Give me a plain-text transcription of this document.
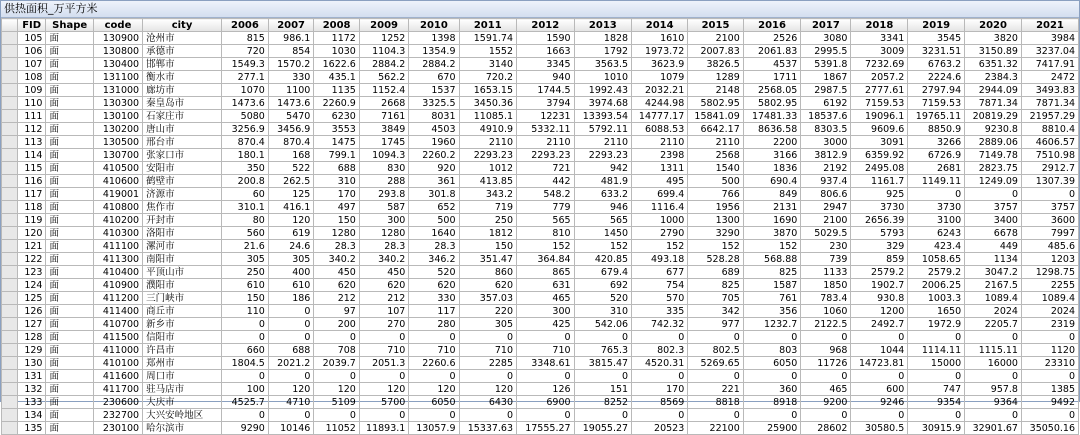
供热面积_万平方米
	FID	Shape	code	city	2006	2007	2008	2009	2010	2011	2012	2013	2014	2015	2016	2017	2018	2019	2020	2021
	105	面	130900	沧州市	815	986.1	1172	1252	1398	1591.74	1590	1828	1610	2100	2526	3080	3341	3545	3820	3984
	106	面	130800	承德市	720	854	1030	1104.3	1354.9	1552	1663	1792	1973.72	2007.83	2061.83	2995.5	3009	3231.51	3150.89	3237.04
	107	面	130400	邯郸市	1549.3	1570.2	1622.6	2884.2	2884.2	3140	3345	3563.5	3623.9	3826.5	4537	5391.8	7232.69	6763.2	6351.32	7417.91
	108	面	131100	衡水市	277.1	330	435.1	562.2	670	720.2	940	1010	1079	1289	1711	1867	2057.2	2224.6	2384.3	2472
	109	面	131000	廊坊市	1070	1100	1135	1152.4	1537	1653.15	1744.5	1992.43	2032.21	2148	2568.05	2987.5	2777.61	2797.94	2944.09	3493.83
	110	面	130300	秦皇岛市	1473.6	1473.6	2260.9	2668	3325.5	3450.36	3794	3974.68	4244.98	5802.95	5802.95	6192	7159.53	7159.53	7871.34	7871.34
	111	面	130100	石家庄市	5080	5470	6230	7161	8031	11085.1	12231	13393.54	14777.17	15841.09	17481.33	18537.6	19096.1	19765.11	20819.29	21957.29
	112	面	130200	唐山市	3256.9	3456.9	3553	3849	4503	4910.9	5332.11	5792.11	6088.53	6642.17	8636.58	8303.5	9609.6	8850.9	9230.8	8810.4
	113	面	130500	邢台市	870.4	870.4	1475	1745	1960	2110	2110	2110	2110	2110	2200	3000	3091	3266	2889.06	4606.57
	114	面	130700	张家口市	180.1	168	799.1	1094.3	2260.2	2293.23	2293.23	2293.23	2398	2568	3166	3812.9	6359.92	6726.9	7149.78	7510.98
	115	面	410500	安阳市	350	522	688	830	920	1012	721	942	1311	1540	1836	2192	2495.08	2681	2823.75	2912.7
	116	面	410600	鹤壁市	200.8	262.5	310	288	361	413.85	442	481.9	495	500	690.4	937.4	1161.7	1149.11	1249.09	1307.39
	117	面	419001	济源市	60	125	170	293.8	301.8	343.2	548.2	633.2	699.4	766	849	806.6	925	0	0	0
	118	面	410800	焦作市	310.1	416.1	497	587	652	719	779	946	1116.4	1956	2131	2947	3730	3730	3757	3757
	119	面	410200	开封市	80	120	150	300	500	250	565	565	1000	1300	1690	2100	2656.39	3100	3400	3600
	120	面	410300	洛阳市	560	619	1280	1280	1640	1812	810	1450	2790	3290	3870	5029.5	5793	6243	6678	7997
	121	面	411100	漯河市	21.6	24.6	28.3	28.3	28.3	150	152	152	152	152	152	230	329	423.4	449	485.6
	122	面	411300	南阳市	305	305	340.2	340.2	346.2	351.47	364.84	420.85	493.18	528.28	568.88	739	859	1058.65	1134	1203
	123	面	410400	平顶山市	250	400	450	450	520	860	865	679.4	677	689	825	1133	2579.2	2579.2	3047.2	1298.75
	124	面	410900	濮阳市	610	610	620	620	620	620	631	692	754	825	1587	1850	1902.7	2006.25	2167.5	2255
	125	面	411200	三门峡市	150	186	212	212	330	357.03	465	520	570	705	761	783.4	930.8	1003.3	1089.4	1089.4
	126	面	411400	商丘市	110	0	97	107	117	220	300	310	335	342	356	1060	1200	1650	2024	2024
	127	面	410700	新乡市	0	0	200	270	280	305	425	542.06	742.32	977	1232.7	2122.5	2492.7	1972.9	2205.7	2319
	128	面	411500	信阳市	0	0	0	0	0	0	0	0	0	0	0	0	0	0	0	0
	129	面	411000	许昌市	660	688	708	710	710	710	710	765.3	802.3	802.5	803	968	1044	1114.11	1115.11	1120
	130	面	410100	郑州市	1804.5	2021.2	2039.7	2051.3	2260.6	2285	3348.61	3815.47	4520.31	5269.65	6050	11726	14723.81	15000	16000	23310
	131	面	411600	周口市	0	0	0	0	0	0	0	0	0	0	0	0	0	0	0	0
	132	面	411700	驻马店市	100	120	120	120	120	120	126	151	170	221	360	465	600	747	957.8	1385
	133	面	230600	大庆市	4525.7	4710	5109	5700	6050	6430	6900	8252	8569	8818	8918	9200	9246	9354	9364	9492
	134	面	232700	大兴安岭地区	0	0	0	0	0	0	0	0	0	0	0	0	0	0	0	0
	135	面	230100	哈尔滨市	9290	10146	11052	11893.1	13057.9	15337.63	17555.27	19055.27	20523	22100	25900	28602	30580.5	30915.9	32901.67	35050.16
